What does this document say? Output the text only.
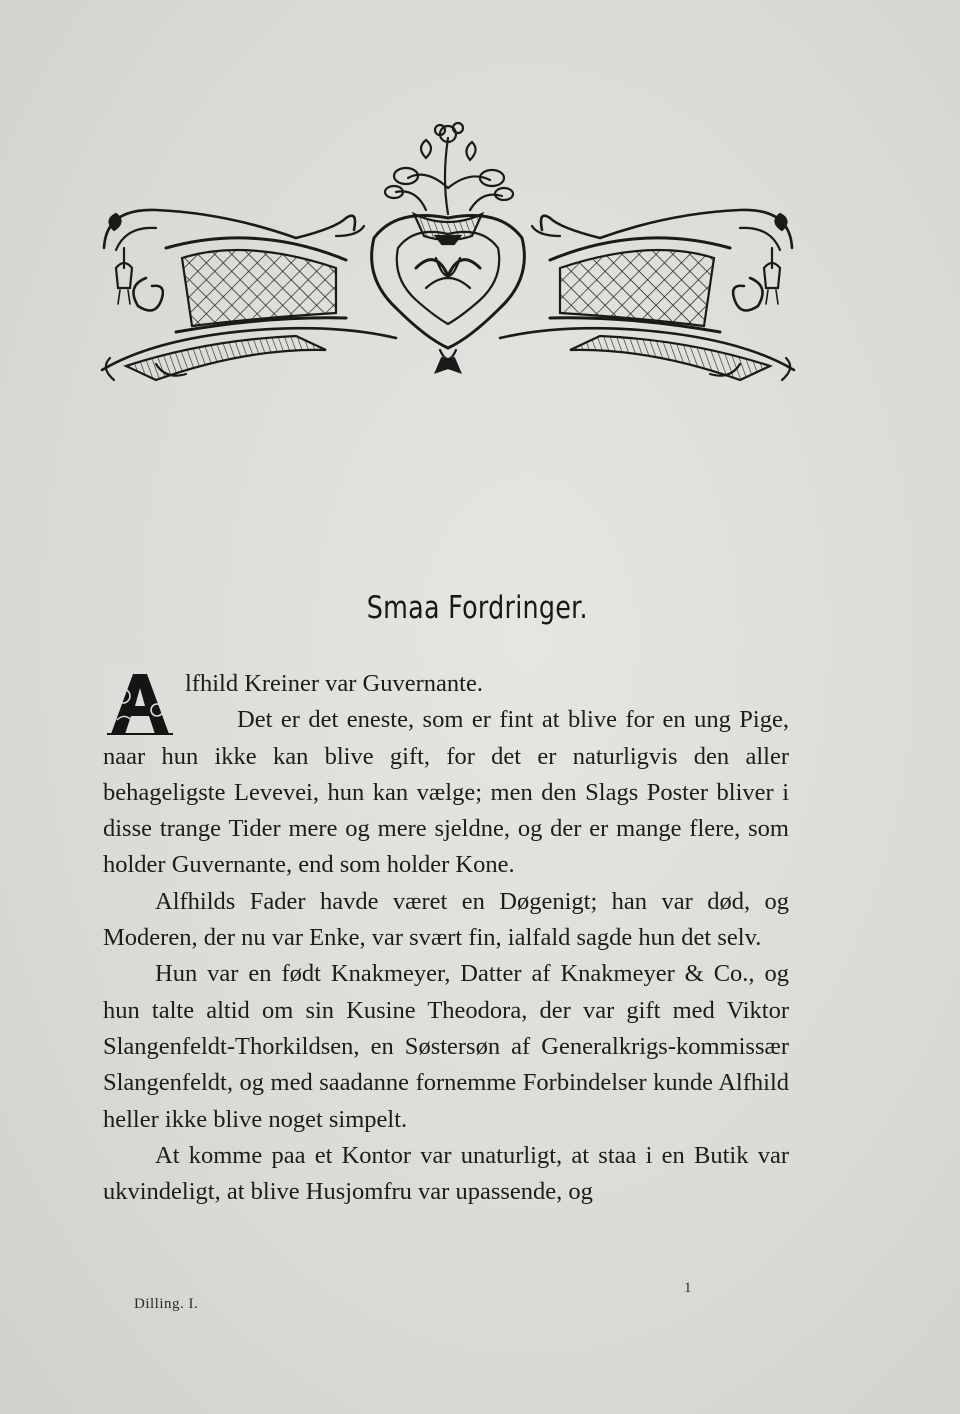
Smaa Fordringer.

lfhild Kreiner var Guvernante.

Det er det eneste, som er fint at blive for en ung Pige, naar hun ikke kan blive gift, for det er naturligvis den aller behageligste Levevei, hun kan vælge; men den Slags Poster bliver i disse trange Tider mere og mere sjeldne, og der er mange flere, som holder Guvernante, end som holder Kone.

Alfhilds Fader havde været en Døgenigt; han var død, og Moderen, der nu var Enke, var svært fin, ialfald sagde hun det selv.

Hun var en født Knakmeyer, Datter af Knakmeyer & Co., og hun talte altid om sin Kusine Theodora, der var gift med Viktor Slangenfeldt-Thorkildsen, en Søstersøn af Generalkrigs-kommissær Slangenfeldt, og med saadanne fornemme Forbindelser kunde Alfhild heller ikke blive noget simpelt.

At komme paa et Kontor var unaturligt, at staa i en Butik var ukvindeligt, at blive Husjomfru var upassende, og

Dilling. I.
1
